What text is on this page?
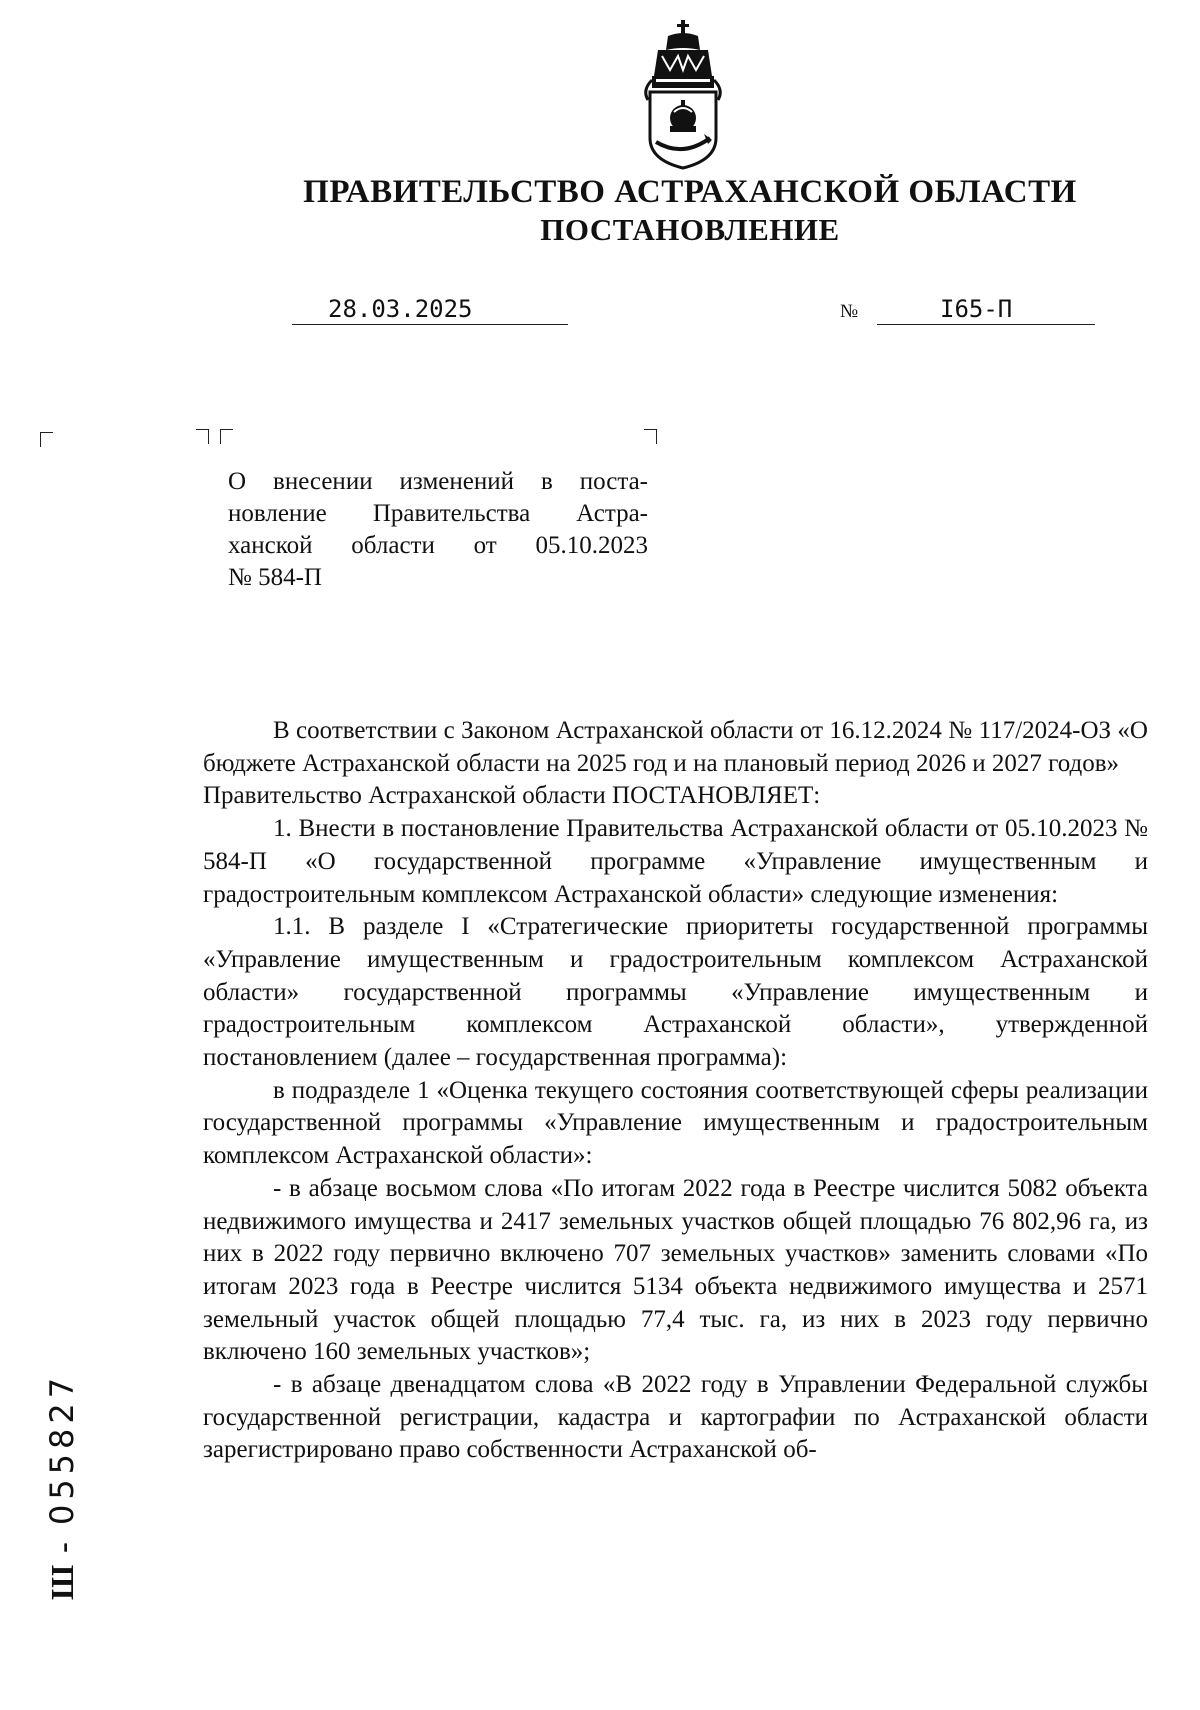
ПРАВИТЕЛЬСТВО АСТРАХАНСКОЙ ОБЛАСТИ
ПОСТАНОВЛЕНИЕ
28.03.2025	№	I65-П

О внесении изменений в поста-

новление Правительства Астра-

ханской области от 05.10.2023

№ 584-П

В соответствии с Законом Астраханской области от 16.12.2024 № 117/2024-ОЗ «О бюджете Астраханской области на 2025 год и на плановый период 2026 и 2027 годов»

Правительство Астраханской области ПОСТАНОВЛЯЕТ:

1. Внести в постановление Правительства Астраханской области от 05.10.2023 № 584-П «О государственной программе «Управление имущественным и градостроительным комплексом Астраханской области» следующие изменения:

1.1. В разделе I «Стратегические приоритеты государственной программы «Управление имущественным и градостроительным комплексом Астраханской области» государственной программы «Управление имущественным и градостроительным комплексом Астраханской области», утвержденной постановлением (далее – государственная программа):

в подразделе 1 «Оценка текущего состояния соответствующей сферы реализации государственной программы «Управление имущественным и градостроительным комплексом Астраханской области»:

- в абзаце восьмом слова «По итогам 2022 года в Реестре числится 5082 объекта недвижимого имущества и 2417 земельных участков общей площадью 76 802,96 га, из них в 2022 году первично включено 707 земельных участков» заменить словами «По итогам 2023 года в Реестре числится 5134 объекта недвижимого имущества и 2571 земельный участок общей площадью 77,4 тыс. га, из них в 2023 году первично включено 160 земельных участков»;

- в абзаце двенадцатом слова «В 2022 году в Управлении Федеральной службы государственной регистрации, кадастра и картографии по Астраханской области зарегистрировано право собственности Астраханской об-

Ш - 055827
